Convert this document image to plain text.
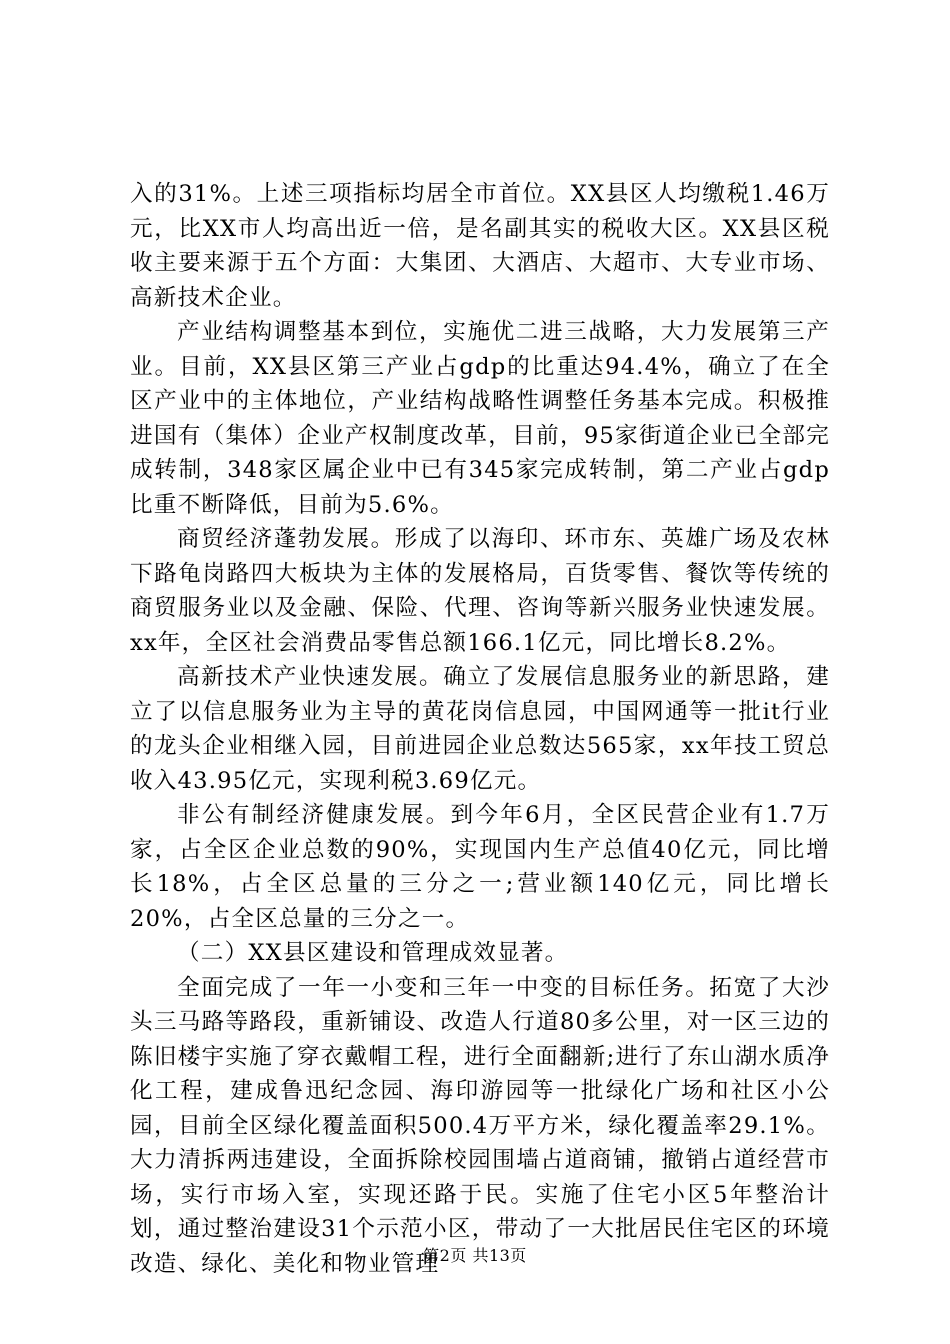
入的31%。上述三项指标均居全市首位。XX县区人均缴税1.46万元，比XX市人均高出近一倍，是名副其实的税收大区。XX县区税收主要来源于五个方面：大集团、大酒店、大超市、大专业市场、高新技术企业。

产业结构调整基本到位，实施优二进三战略，大力发展第三产业。目前，XX县区第三产业占gdp的比重达94.4%，确立了在全区产业中的主体地位，产业结构战略性调整任务基本完成。积极推进国有（集体）企业产权制度改革，目前，95家街道企业已全部完成转制，348家区属企业中已有345家完成转制，第二产业占gdp比重不断降低，目前为5.6%。

商贸经济蓬勃发展。形成了以海印、环市东、英雄广场及农林下路龟岗路四大板块为主体的发展格局，百货零售、餐饮等传统的商贸服务业以及金融、保险、代理、咨询等新兴服务业快速发展。xx年，全区社会消费品零售总额166.1亿元，同比增长8.2%。

高新技术产业快速发展。确立了发展信息服务业的新思路，建立了以信息服务业为主导的黄花岗信息园，中国网通等一批it行业的龙头企业相继入园，目前进园企业总数达565家，xx年技工贸总收入43.95亿元，实现利税3.69亿元。

非公有制经济健康发展。到今年6月，全区民营企业有1.7万家，占全区企业总数的90%，实现国内生产总值40亿元，同比增长18%，占全区总量的三分之一;营业额140亿元，同比增长20%，占全区总量的三分之一。

（二）XX县区建设和管理成效显著。

全面完成了一年一小变和三年一中变的目标任务。拓宽了大沙头三马路等路段，重新铺设、改造人行道80多公里，对一区三边的陈旧楼宇实施了穿衣戴帽工程，进行全面翻新;进行了东山湖水质净化工程，建成鲁迅纪念园、海印游园等一批绿化广场和社区小公园，目前全区绿化覆盖面积500.4万平方米，绿化覆盖率29.1%。大力清拆两违建设，全面拆除校园围墙占道商铺，撤销占道经营市场，实行市场入室，实现还路于民。实施了住宅小区5年整治计划，通过整治建设31个示范小区，带动了一大批居民住宅区的环境改造、绿化、美化和物业管理

第2页 共13页
